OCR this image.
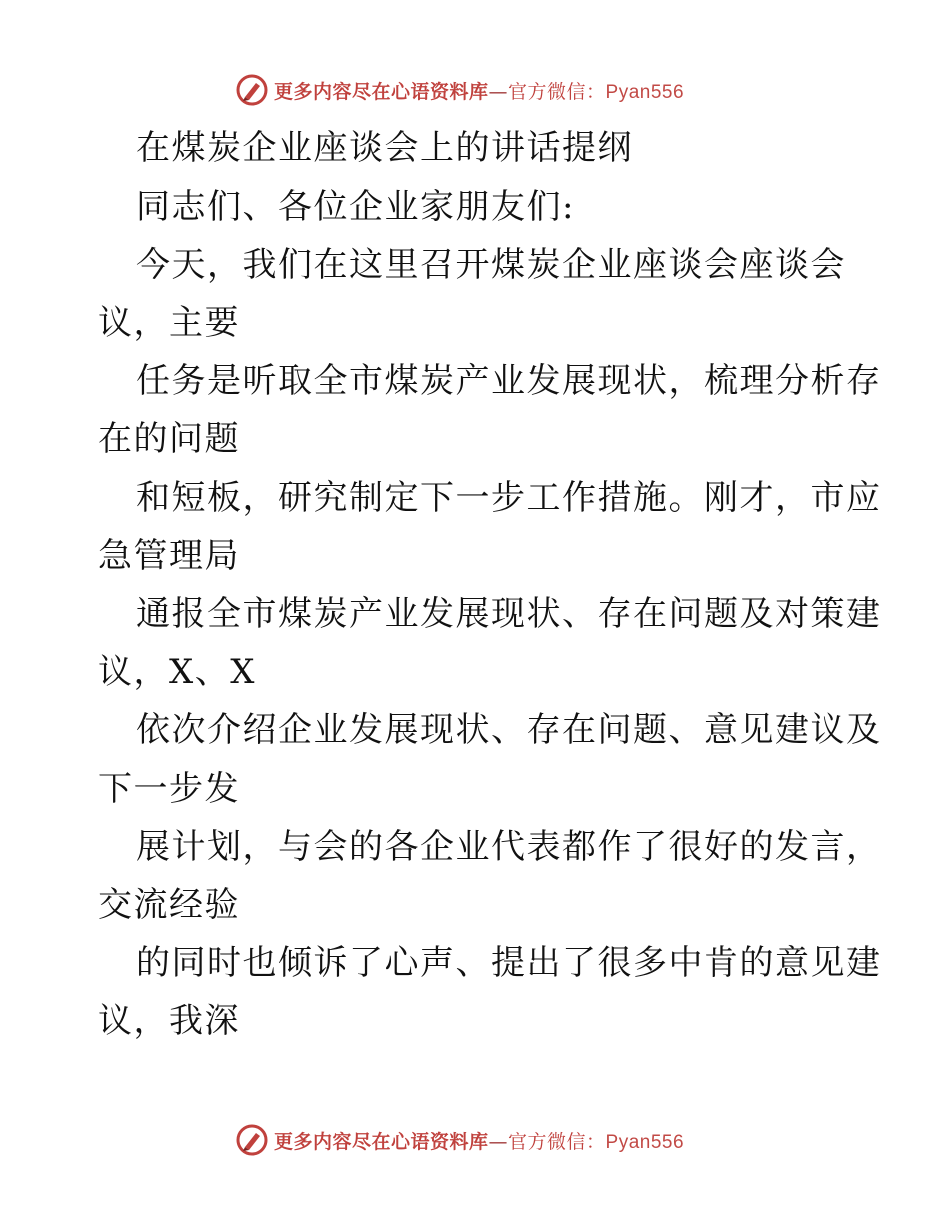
更多内容尽在心语资料库—官方微信：Pyan556
在煤炭企业座谈会上的讲话提纲
同志们、各位企业家朋友们:
今天，我们在这里召开煤炭企业座谈会座谈会
议，主要
任务是听取全市煤炭产业发展现状，梳理分析存
在的问题
和短板，研究制定下一步工作措施。刚才，市应
急管理局
通报全市煤炭产业发展现状、存在问题及对策建
议，X、X
依次介绍企业发展现状、存在问题、意见建议及
下一步发
展计划，与会的各企业代表都作了很好的发言，
交流经验
的同时也倾诉了心声、提出了很多中肯的意见建
议，我深
更多内容尽在心语资料库—官方微信：Pyan556
